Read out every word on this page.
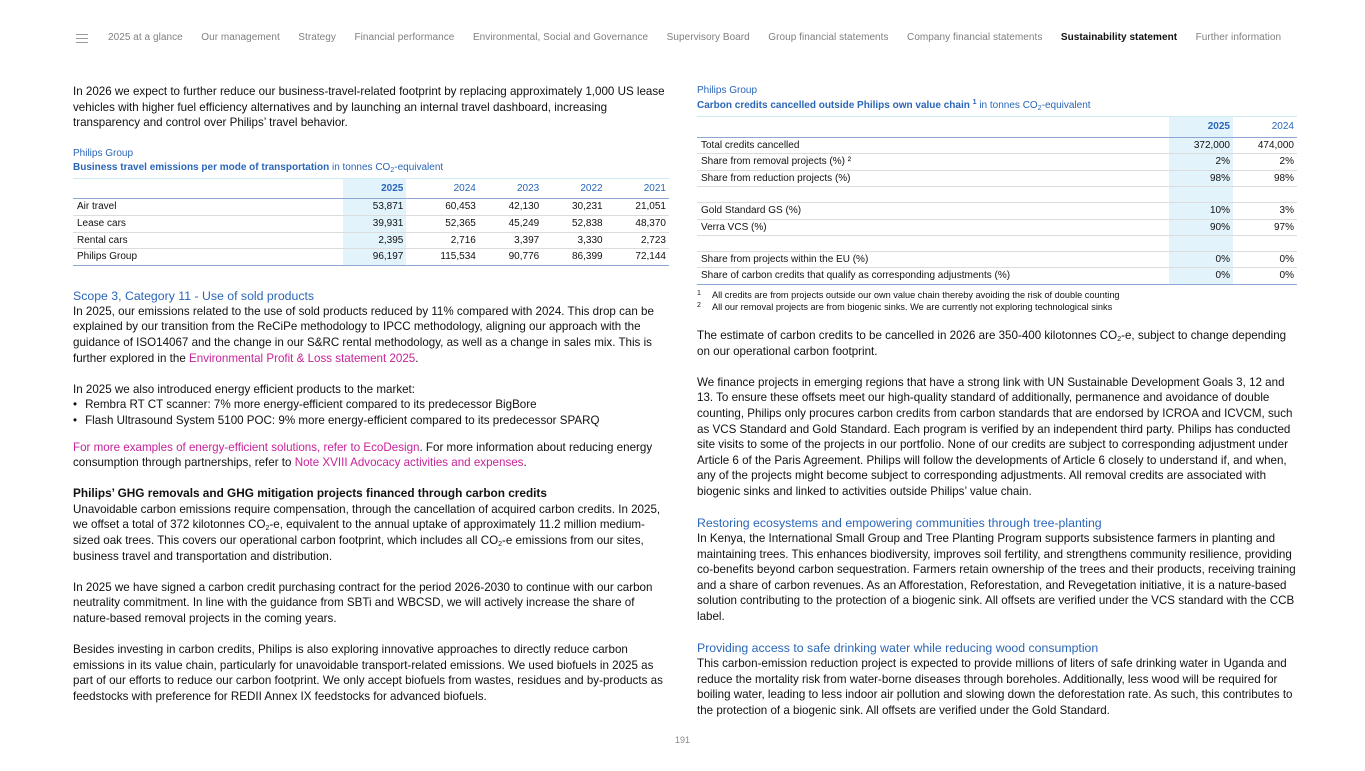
2025 at a glance Our management Strategy Financial performance Environmental, Social and Governance Supervisory Board Group financial statements Company financial statements Sustainability statement Further information

In 2026 we expect to further reduce our business-travel-related footprint by replacing approximately 1,000 US lease vehicles with higher fuel efficiency alternatives and by launching an internal travel dashboard, increasing transparency and control over Philips’ travel behavior.

Philips Group
Business travel emissions per mode of transportation in tonnes $CO_2$-equivalent
	2025	2024	2023	2022	2021
Air travel	53,871	60,453	42,130	30,231	21,051
Lease cars	39,931	52,365	45,249	52,838	48,370
Rental cars	2,395	2,716	3,397	3,330	2,723
Philips Group	96,197	115,534	90,776	86,399	72,144
Scope 3, Category 11 - Use of sold products

In 2025, our emissions related to the use of sold products reduced by 11% compared with 2024. This drop can be explained by our transition from the ReCiPe methodology to IPCC methodology, aligning our approach with the guidance of ISO14067 and the change in our S&RC rental methodology, as well as a change in sales mix. This is further explored in the Environmental Profit & Loss statement 2025.

In 2025 we also introduced energy efficient products to the market:

• Rembra RT CT scanner: 7% more energy-efficient compared to its predecessor BigBore
• Flash Ultrasound System 5100 POC: 9% more energy-efficient compared to its predecessor SPARQ

For more examples of energy-efficient solutions, refer to EcoDesign. For more information about reducing energy consumption through partnerships, refer to Note XVIII Advocacy activities and expenses.

Philips’ GHG removals and GHG mitigation projects financed through carbon credits

Unavoidable carbon emissions require compensation, through the cancellation of acquired carbon credits. In 2025, we offset a total of 372 kilotonnes $CO_2-e$, equivalent to the annual uptake of approximately 11.2 million medium-sized oak trees. This covers our operational carbon footprint, which includes all $CO_2-e$ emissions from our sites, business travel and transportation and distribution.

In 2025 we have signed a carbon credit purchasing contract for the period 2026-2030 to continue with our carbon neutrality commitment. In line with the guidance from SBTi and WBCSD, we will actively increase the share of nature-based removal projects in the coming years.

Besides investing in carbon credits, Philips is also exploring innovative approaches to directly reduce carbon emissions in its value chain, particularly for unavoidable transport-related emissions. We used biofuels in 2025 as part of our efforts to reduce our carbon footprint. We only accept biofuels from wastes, residues and by-products as feedstocks with preference for REDII Annex IX feedstocks for advanced biofuels.

Philips Group
Carbon credits cancelled outside Philips own value chain $^1$ in tonnes $CO_2$-equivalent
	2025	2024
Total credits cancelled	372,000	474,000
Share from removal projects (%) ²	2%	2%
Share from reduction projects (%)	98%	98%

Gold Standard GS (%)	10%	3%
Verra VCS (%)	90%	97%

Share from projects within the EU (%)	0%	0%
Share of carbon credits that qualify as corresponding adjustments (%)	0%	0%
1	All credits are from projects outside our own value chain thereby avoiding the risk of double counting
2	All our removal projects are from biogenic sinks. We are currently not exploring technological sinks

The estimate of carbon credits to be cancelled in 2026 are 350-400 kilotonnes $CO_2-e$, subject to change depending on our operational carbon footprint.

We finance projects in emerging regions that have a strong link with UN Sustainable Development Goals 3, 12 and 13. To ensure these offsets meet our high-quality standard of additionally, permanence and avoidance of double counting, Philips only procures carbon credits from carbon standards that are endorsed by ICROA and ICVCM, such as VCS Standard and Gold Standard. Each program is verified by an independent third party. Philips has conducted site visits to some of the projects in our portfolio. None of our credits are subject to corresponding adjustment under Article 6 of the Paris Agreement. Philips will follow the developments of Article 6 closely to understand if, and when, any of the projects might become subject to corresponding adjustments. All removal credits are associated with biogenic sinks and linked to activities outside Philips’ value chain.

Restoring ecosystems and empowering communities through tree-planting

In Kenya, the International Small Group and Tree Planting Program supports subsistence farmers in planting and maintaining trees. This enhances biodiversity, improves soil fertility, and strengthens community resilience, providing co-benefits beyond carbon sequestration. Farmers retain ownership of the trees and their products, receiving training and a share of carbon revenues. As an Afforestation, Reforestation, and Revegetation initiative, it is a nature-based solution contributing to the protection of a biogenic sink. All offsets are verified under the VCS standard with the CCB label.

Providing access to safe drinking water while reducing wood consumption

This carbon-emission reduction project is expected to provide millions of liters of safe drinking water in Uganda and reduce the mortality risk from water-borne diseases through boreholes. Additionally, less wood will be required for boiling water, leading to less indoor air pollution and slowing down the deforestation rate. As such, this contributes to the protection of a biogenic sink. All offsets are verified under the Gold Standard.

191
